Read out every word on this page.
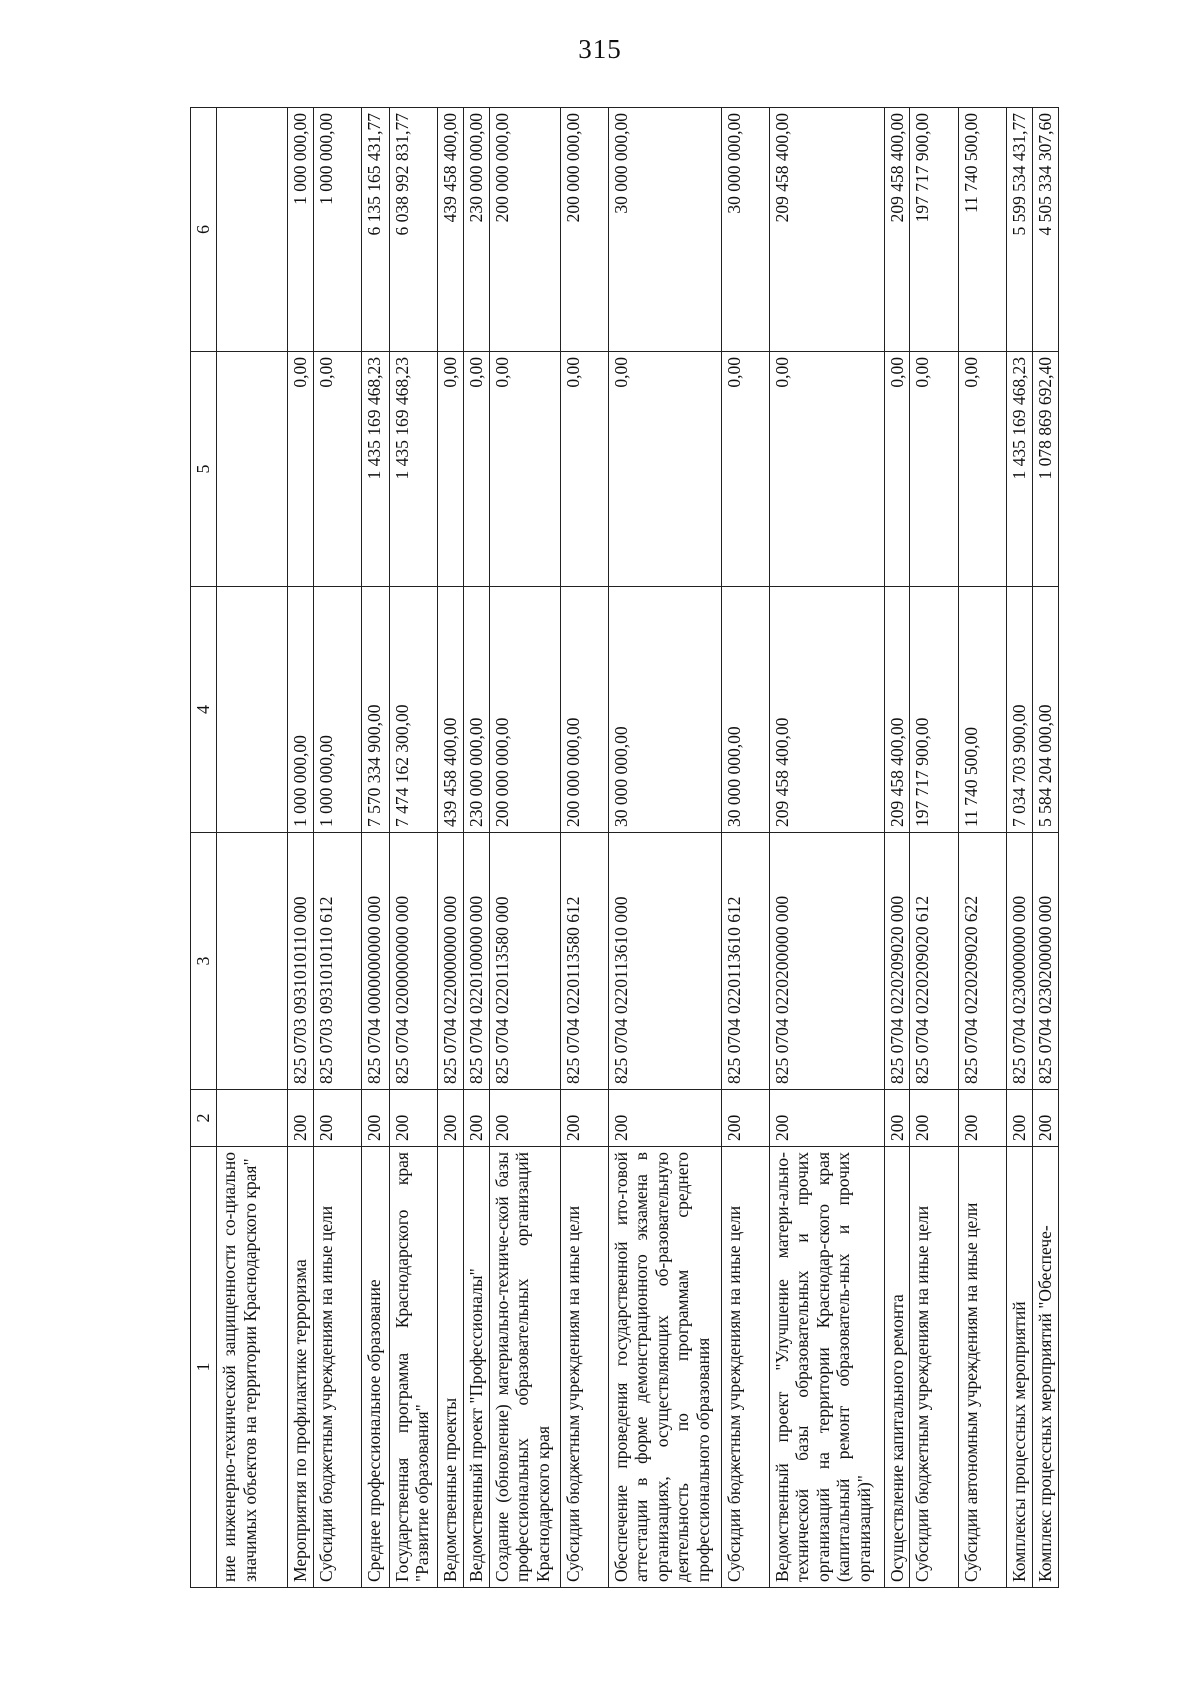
315
1	2	3	4	5	6
ние инженерно-технической защищенности со-циально значимых объектов на территории Краснодарского края"					
Мероприятия по профилактике терроризма	200	825 0703 0931010110 000	1 000 000,00	0,00	1 000 000,00
Субсидии бюджетным учреждениям на иные цели	200	825 0703 0931010110 612	1 000 000,00	0,00	1 000 000,00
Среднее профессиональное образование	200	825 0704 0000000000 000	7 570 334 900,00	1 435 169 468,23	6 135 165 431,77
Государственная программа Краснодарского края "Развитие образования"	200	825 0704 0200000000 000	7 474 162 300,00	1 435 169 468,23	6 038 992 831,77
Ведомственные проекты	200	825 0704 0220000000 000	439 458 400,00	0,00	439 458 400,00
Ведомственный проект "Профессионалы"	200	825 0704 0220100000 000	230 000 000,00	0,00	230 000 000,00
Создание (обновление) материально-техниче-ской базы профессиональных образовательных организаций Краснодарского края	200	825 0704 0220113580 000	200 000 000,00	0,00	200 000 000,00
Субсидии бюджетным учреждениям на иные цели	200	825 0704 0220113580 612	200 000 000,00	0,00	200 000 000,00
Обеспечение проведения государственной ито-говой аттестации в форме демонстрационного экзамена в организациях, осуществляющих об-разовательную деятельность по программам среднего профессионального образования	200	825 0704 0220113610 000	30 000 000,00	0,00	30 000 000,00
Субсидии бюджетным учреждениям на иные цели	200	825 0704 0220113610 612	30 000 000,00	0,00	30 000 000,00
Ведомственный проект "Улучшение матери-ально-технической базы образовательных и прочих организаций на территории Краснодар-ского края (капитальный ремонт образователь-ных и прочих организаций)"	200	825 0704 0220200000 000	209 458 400,00	0,00	209 458 400,00
Осуществление капитального ремонта	200	825 0704 0220209020 000	209 458 400,00	0,00	209 458 400,00
Субсидии бюджетным учреждениям на иные цели	200	825 0704 0220209020 612	197 717 900,00	0,00	197 717 900,00
Субсидии автономным учреждениям на иные цели	200	825 0704 0220209020 622	11 740 500,00	0,00	11 740 500,00
Комплексы процессных мероприятий	200	825 0704 0230000000 000	7 034 703 900,00	1 435 169 468,23	5 599 534 431,77
Комплекс процессных мероприятий "Обеспече-	200	825 0704 0230200000 000	5 584 204 000,00	1 078 869 692,40	4 505 334 307,60
